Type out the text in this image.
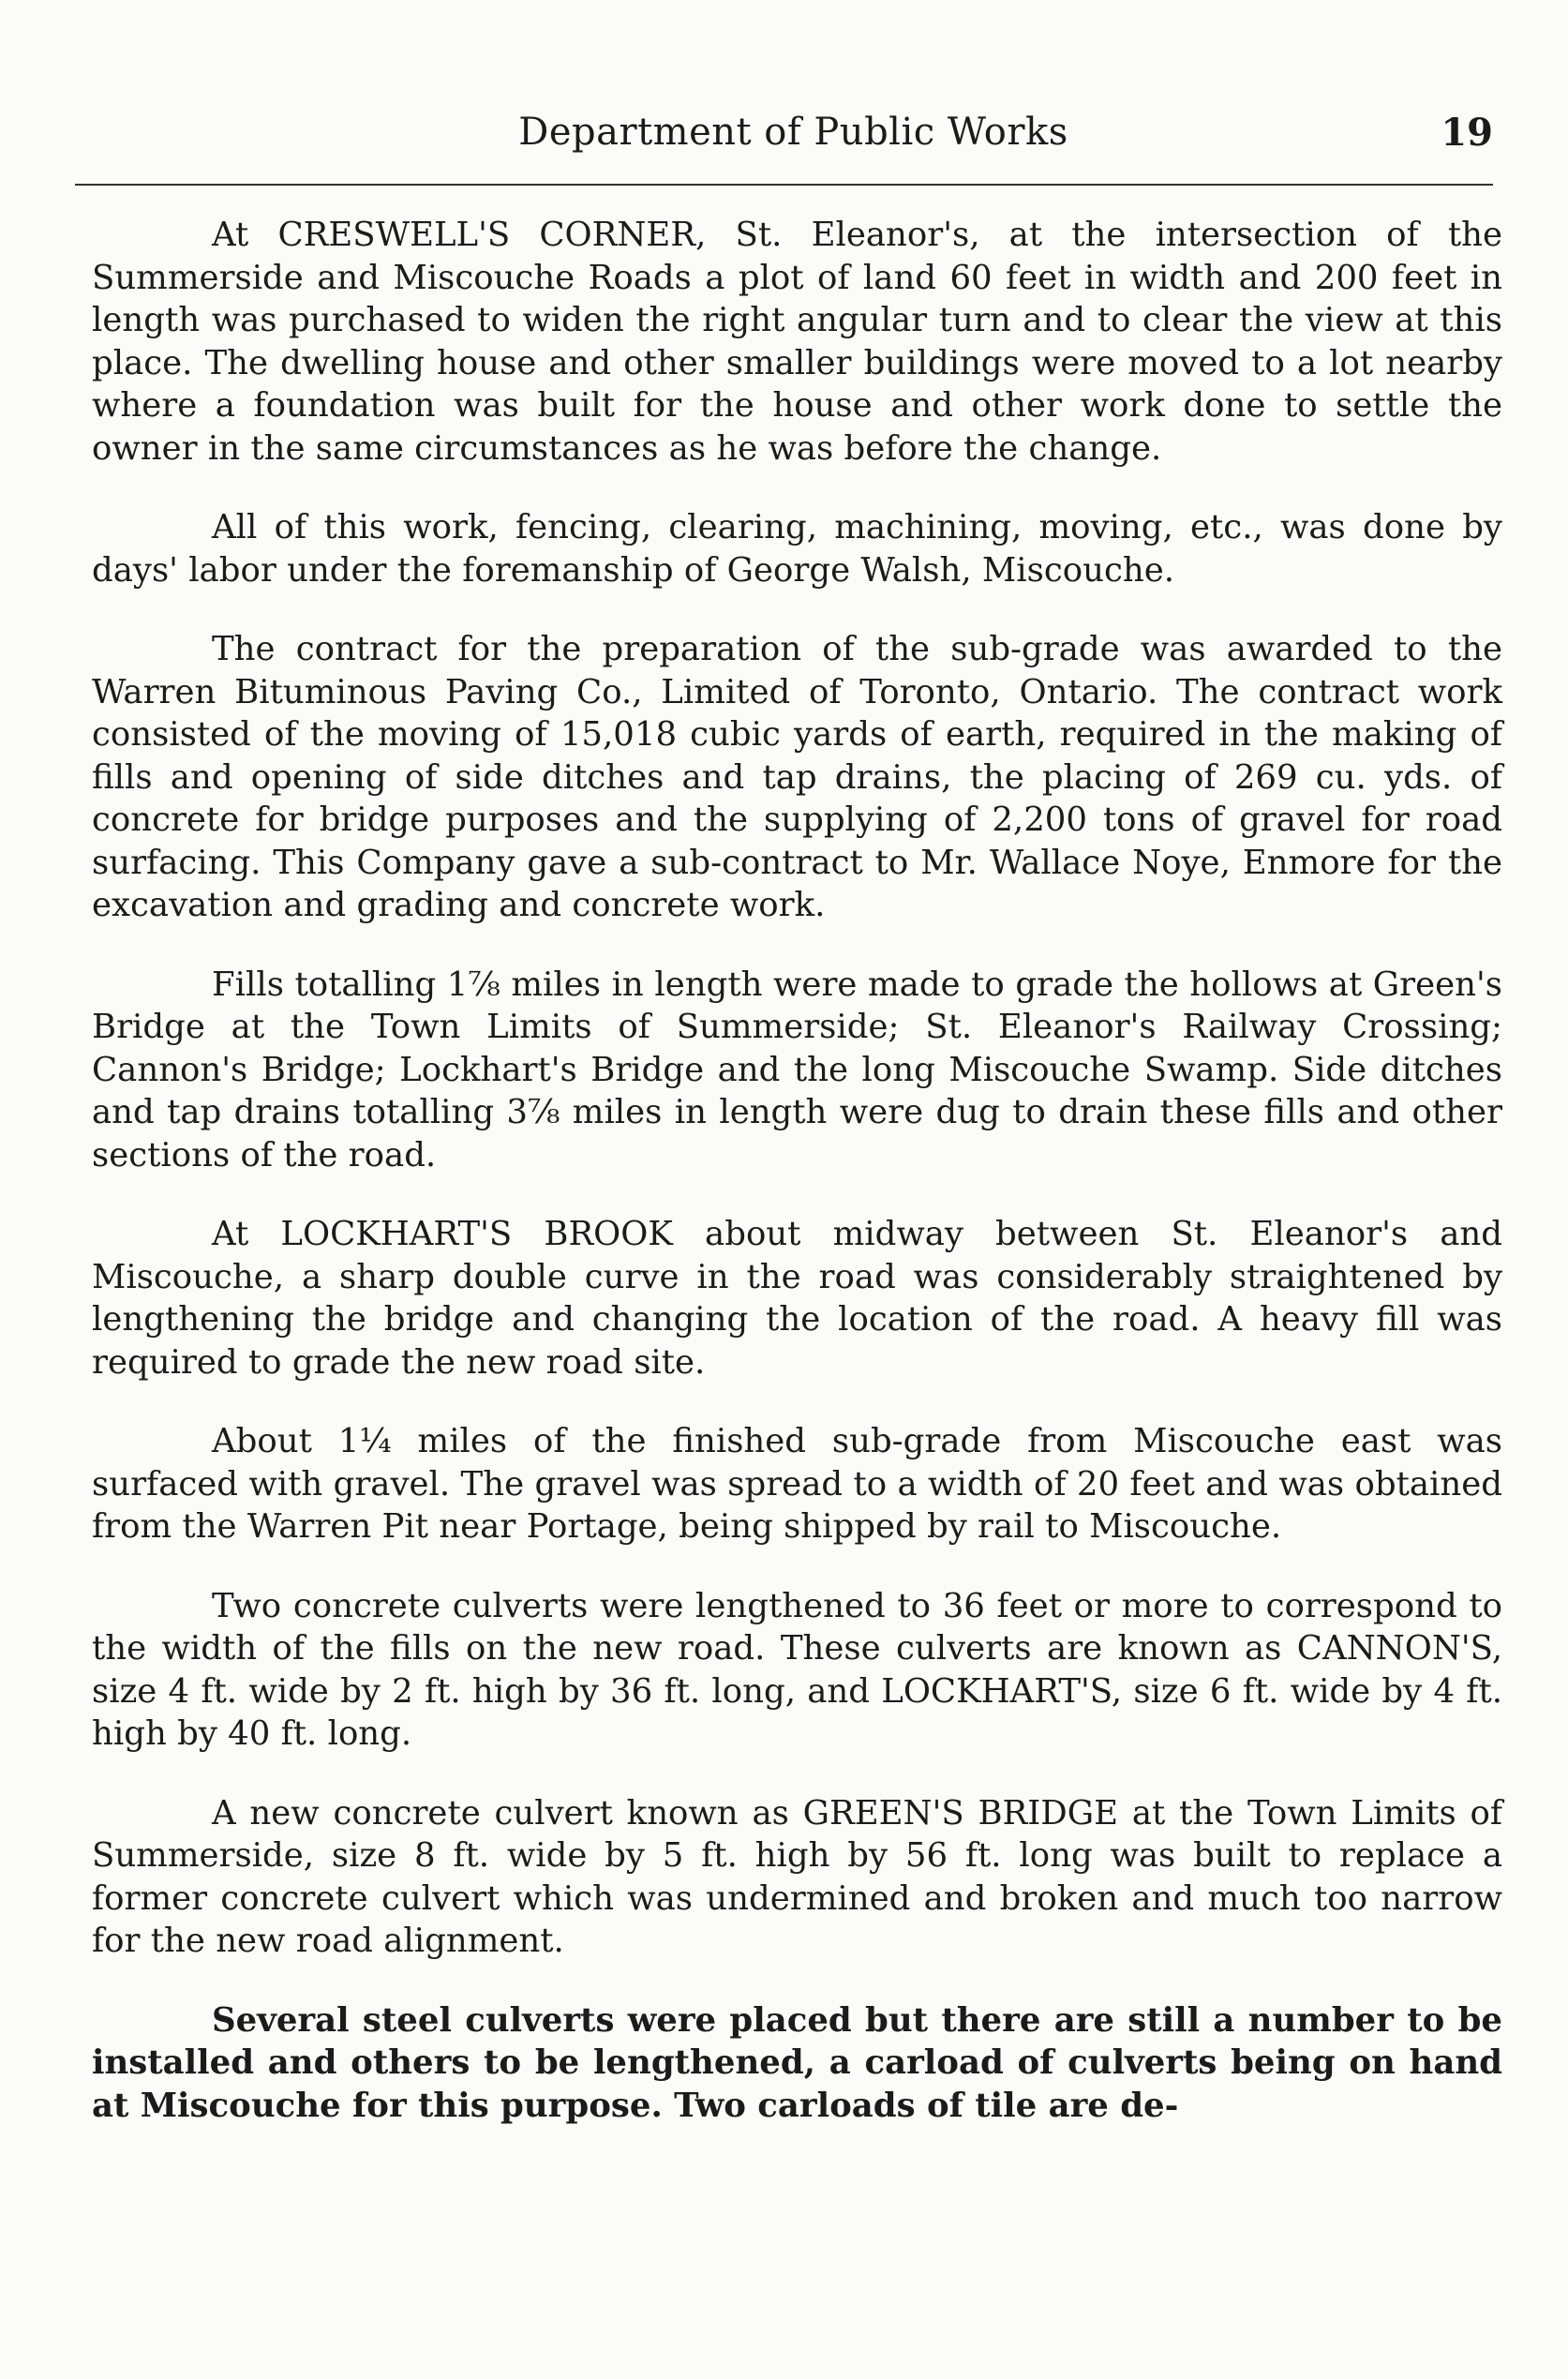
Department of Public Works	19

At CRESWELL'S CORNER, St. Eleanor's, at the intersection of the Summerside and Miscouche Roads a plot of land 60 feet in width and 200 feet in length was purchased to widen the right angular turn and to clear the view at this place. The dwelling house and other smaller buildings were moved to a lot nearby where a foundation was built for the house and other work done to settle the owner in the same circumstances as he was before the change.

All of this work, fencing, clearing, machining, moving, etc., was done by days' labor under the foremanship of George Walsh, Miscouche.

The contract for the preparation of the sub-grade was awarded to the Warren Bituminous Paving Co., Limited of Toronto, Ontario. The contract work consisted of the moving of 15,018 cubic yards of earth, required in the making of fills and opening of side ditches and tap drains, the placing of 269 cu. yds. of concrete for bridge purposes and the supplying of 2,200 tons of gravel for road surfacing. This Company gave a sub-contract to Mr. Wallace Noye, Enmore for the excavation and grading and concrete work.

Fills totalling 1⅞ miles in length were made to grade the hollows at Green's Bridge at the Town Limits of Summerside; St. Eleanor's Railway Crossing; Cannon's Bridge; Lockhart's Bridge and the long Miscouche Swamp. Side ditches and tap drains totalling 3⅞ miles in length were dug to drain these fills and other sections of the road.

At LOCKHART'S BROOK about midway between St. Eleanor's and Miscouche, a sharp double curve in the road was considerably straightened by lengthening the bridge and changing the location of the road. A heavy fill was required to grade the new road site.

About 1¼ miles of the finished sub-grade from Miscouche east was surfaced with gravel. The gravel was spread to a width of 20 feet and was obtained from the Warren Pit near Portage, being shipped by rail to Miscouche.

Two concrete culverts were lengthened to 36 feet or more to correspond to the width of the fills on the new road. These culverts are known as CANNON'S, size 4 ft. wide by 2 ft. high by 36 ft. long, and LOCKHART'S, size 6 ft. wide by 4 ft. high by 40 ft. long.

A new concrete culvert known as GREEN'S BRIDGE at the Town Limits of Summerside, size 8 ft. wide by 5 ft. high by 56 ft. long was built to replace a former concrete culvert which was undermined and broken and much too narrow for the new road alignment.

Several steel culverts were placed but there are still a number to be installed and others to be lengthened, a carload of culverts being on hand at Miscouche for this purpose. Two carloads of tile are de-
